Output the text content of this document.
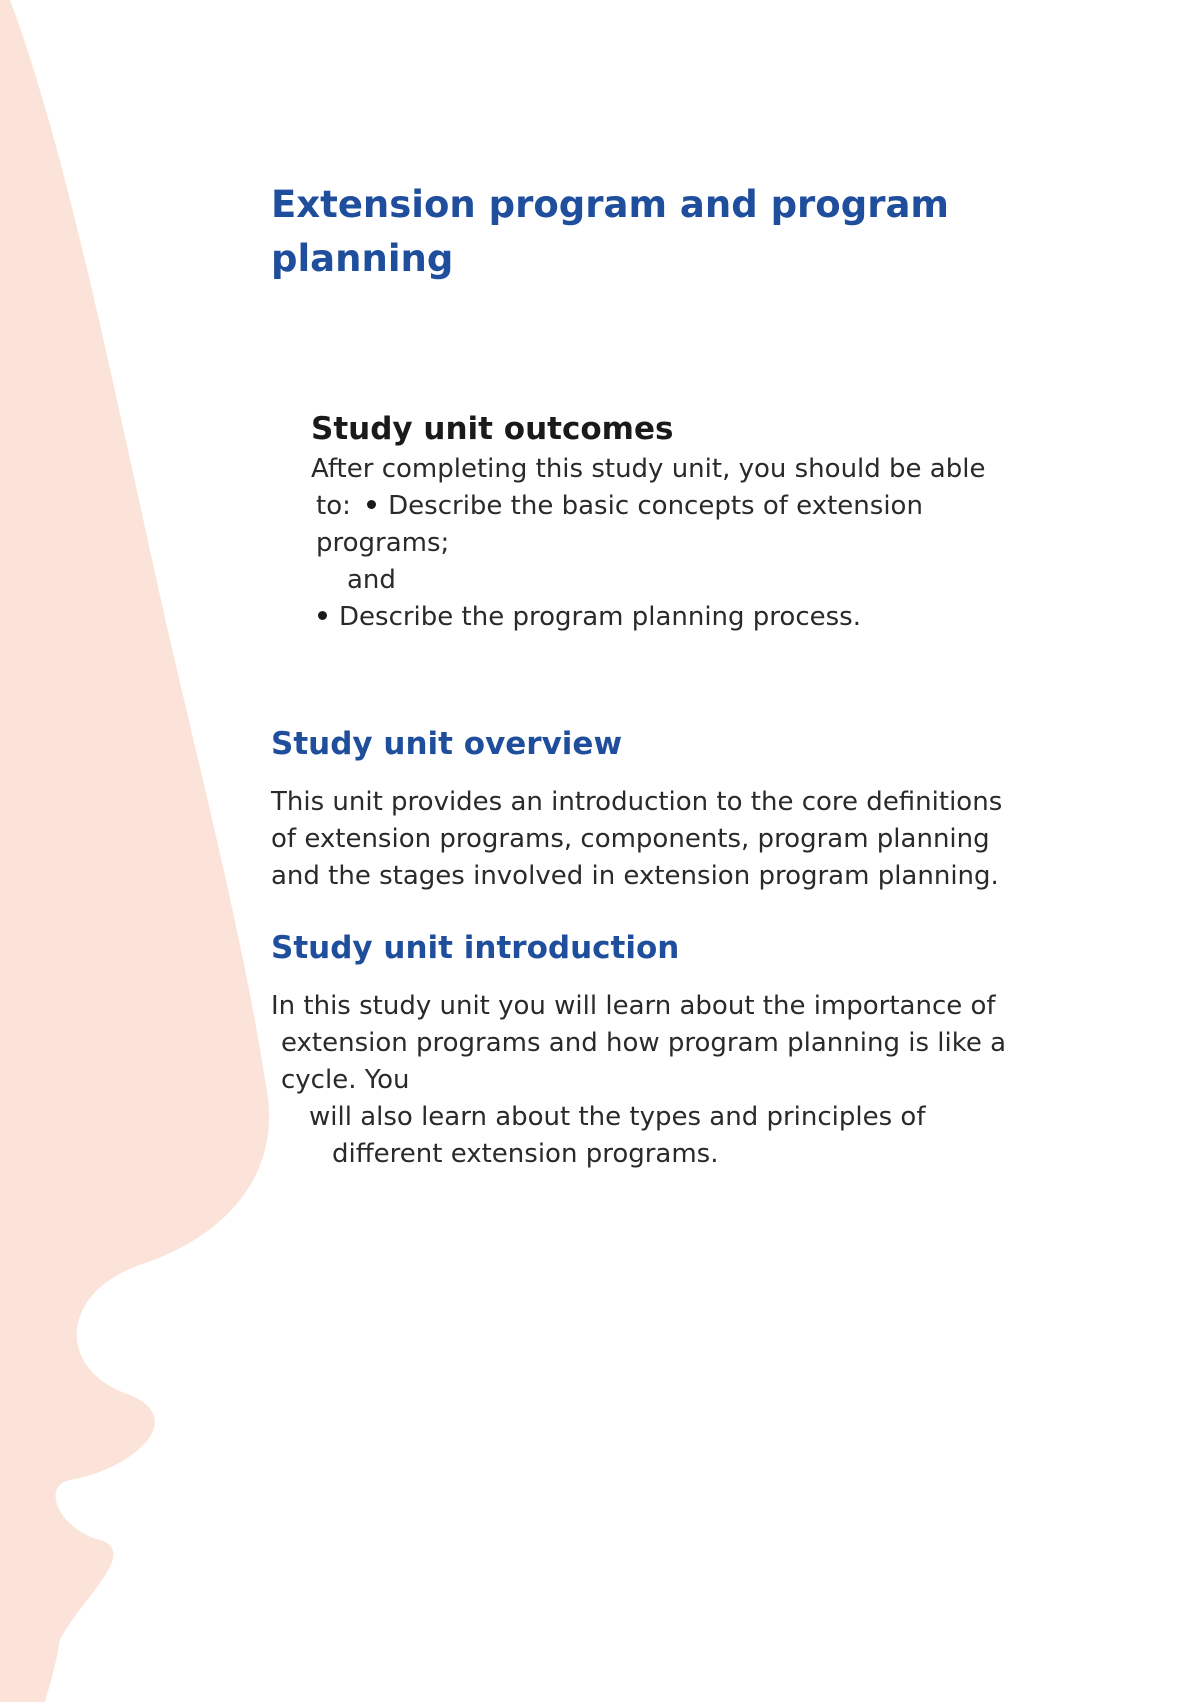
Extension program and program
planning
Study unit outcomes

After completing this study unit, you should be able

to: Describe the basic concepts of extension

programs;

and

Describe the program planning process.

Study unit overview

This unit provides an introduction to the core definitions

of extension programs, components, program planning

and the stages involved in extension program planning.

Study unit introduction

In this study unit you will learn about the importance of

extension programs and how program planning is like a

cycle. You

will also learn about the types and principles of

different extension programs.
